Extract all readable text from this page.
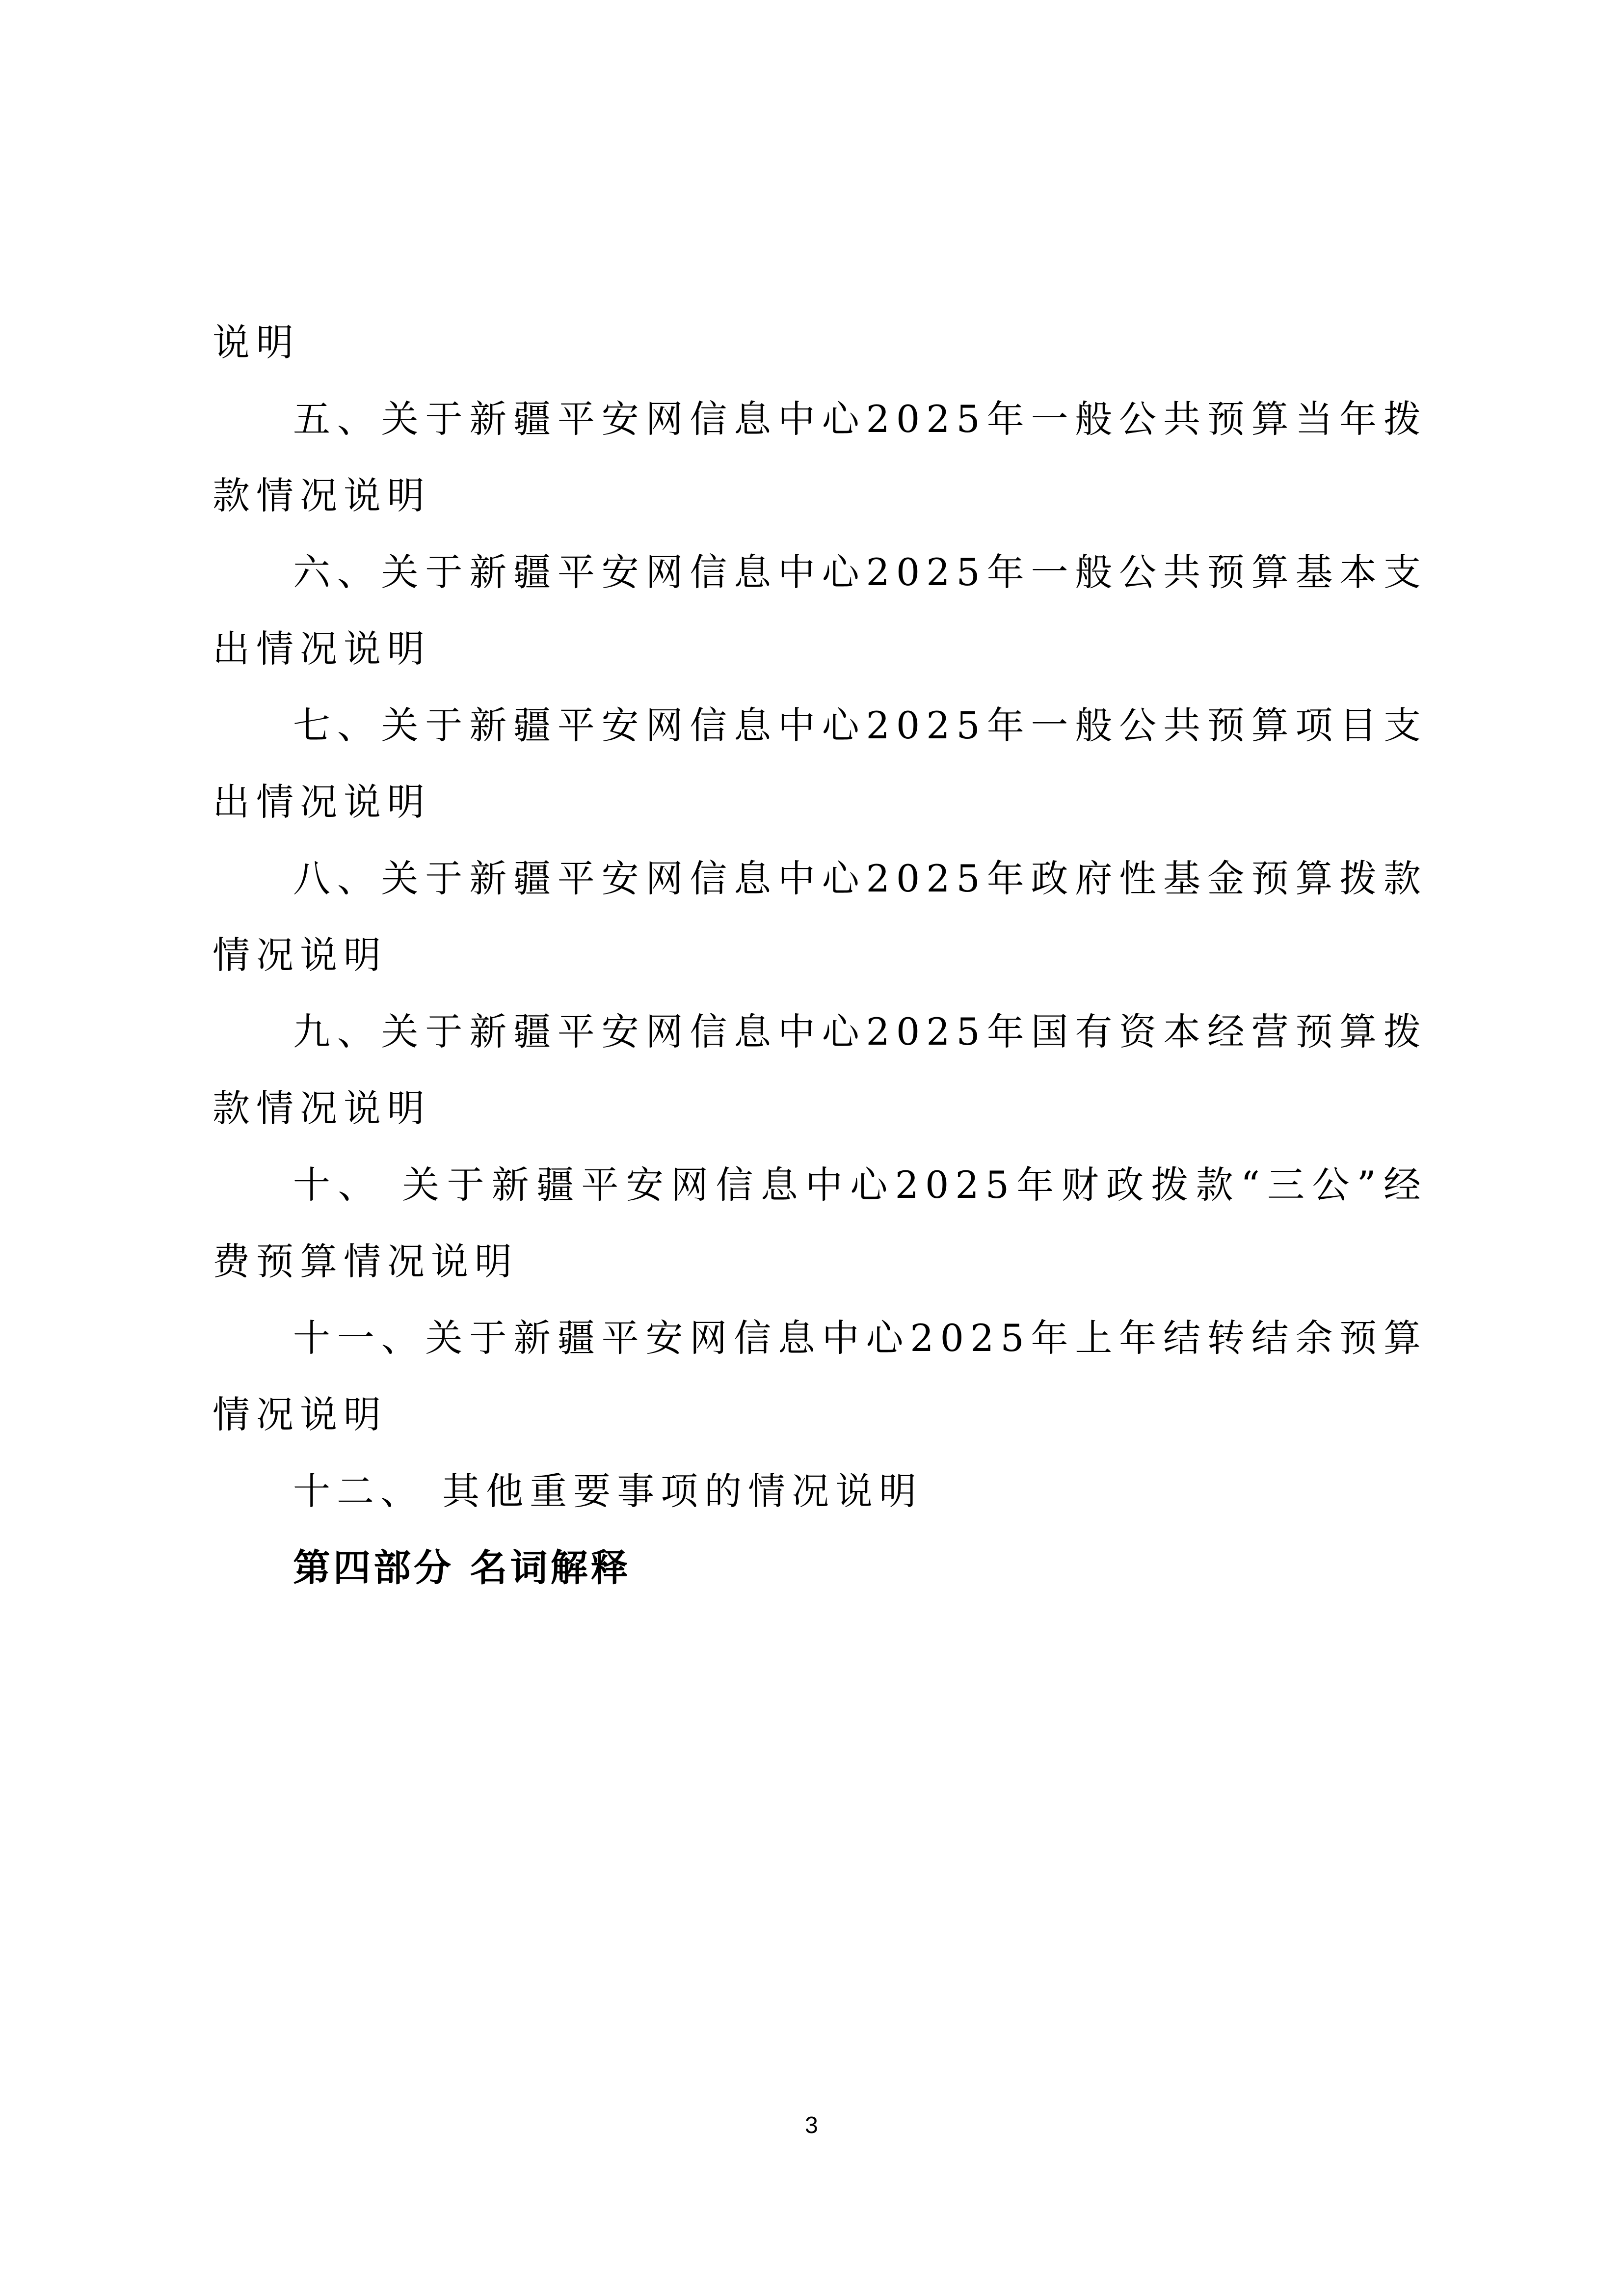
说明

五、关于新疆平安网信息中心2025年一般公共预算当年拨款情况说明

六、关于新疆平安网信息中心2025年一般公共预算基本支出情况说明

七、关于新疆平安网信息中心2025年一般公共预算项目支出情况说明

八、关于新疆平安网信息中心2025年政府性基金预算拨款情况说明

九、关于新疆平安网信息中心2025年国有资本经营预算拨款情况说明

十、 关于新疆平安网信息中心2025年财政拨款“三公”经费预算情况说明

十一、关于新疆平安网信息中心2025年上年结转结余预算情况说明

十二、 其他重要事项的情况说明

第四部分 名词解释

3
